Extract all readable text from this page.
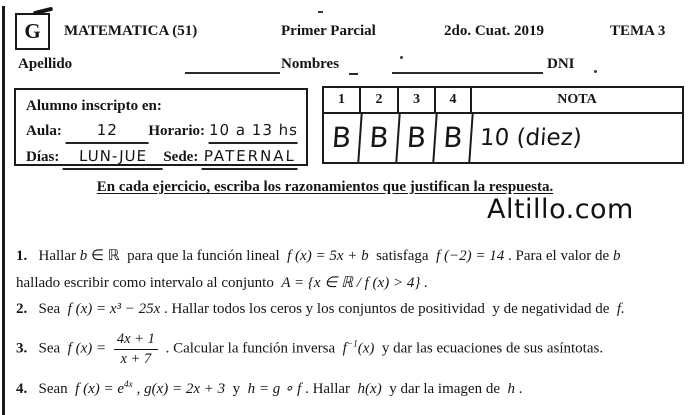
G MATEMATICA (51)	Primer Parcial	2do. Cuat. 2019	TEMA 3
Apellido	Nombres	DNI
Alumno inscripto en:
Aula:	12	Horario: 10 a 13 hs
Días:	LUN-JUE	Sede: PATERNAL
1	2	3	4	NOTA
B B B B 10 (diez)
En cada ejercicio, escriba los razonamientos que justifican la respuesta.
Altillo.com
1.   Hallar b ∈ ℝ  para que la función lineal  f (x) = 5x + b  satisfaga  f (−2) = 14 . Para el valor de b
hallado escribir como intervalo al conjunto  A = {x ∈ ℝ / f (x) > 4} .
2.   Sea  f (x) = x³ − 25x . Hallar todos los ceros y los conjuntos de positividad  y de negatividad de  f.
3.   Sea  f $(x) = \frac{4x + 1}{x + 7}$ . Calcular la función inversa  $f^{-1}(x)$  y dar las ecuaciones de sus asíntotas.
4.   Sean  f $(x) = e^{4x}$ , g(x) = 2x + 3  y  h = g ∘ f . Hallar  h(x)  y dar la imagen de  h .
